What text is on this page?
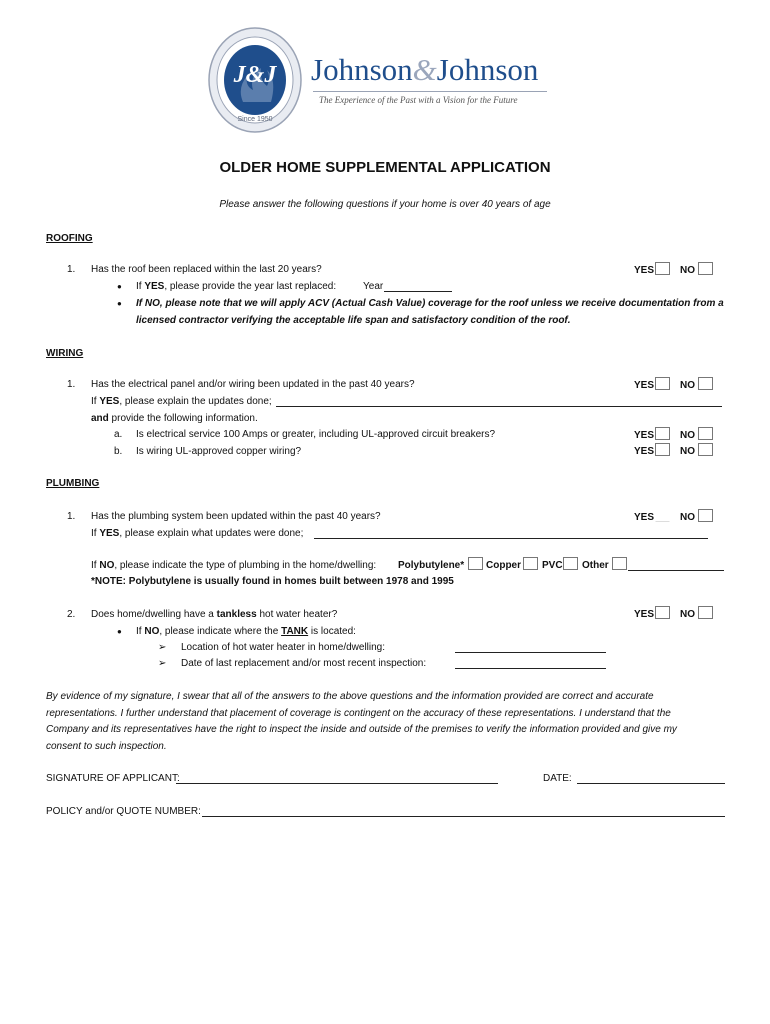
J&J
Since 1950
Johnson&Johnson
The Experience of the Past with a Vision for the Future
OLDER HOME SUPPLEMENTAL APPLICATION
Please answer the following questions if your home is over 40 years of age
ROOFING
1. Has the roof been replaced within the last 20 years?	YES	NO
● If YES, please provide the year last replaced:	Year
● If NO, please note that we will apply ACV (Actual Cash Value) coverage for the roof unless we receive documentation from a
licensed contractor verifying the acceptable life span and satisfactory condition of the roof.
WIRING
1. Has the electrical panel and/or wiring been updated in the past 40 years?	YES	NO
If YES, please explain the updates done;
and provide the following information.
a. Is electrical service 100 Amps or greater, including UL-approved circuit breakers?	YES	NO
b. Is wiring UL-approved copper wiring?	YES	NO
PLUMBING
1. Has the plumbing system been updated within the past 40 years?	YES	NO
If YES, please explain what updates were done;
If NO, please indicate the type of plumbing in the home/dwelling: Polybutylene* Copper PVC Other
*NOTE: Polybutylene is usually found in homes built between 1978 and 1995
2. Does home/dwelling have a tankless hot water heater?	YES	NO
● If NO, please indicate where the TANK is located:
➢ Location of hot water heater in home/dwelling:
➢ Date of last replacement and/or most recent inspection:
By evidence of my signature, I swear that all of the answers to the above questions and the information provided are correct and accurate
representations. I further understand that placement of coverage is contingent on the accuracy of these representations. I understand that the
Company and its representatives have the right to inspect the inside and outside of the premises to verify the information provided and give my
consent to such inspection.
SIGNATURE OF APPLICANT:	DATE:
POLICY and/or QUOTE NUMBER:
